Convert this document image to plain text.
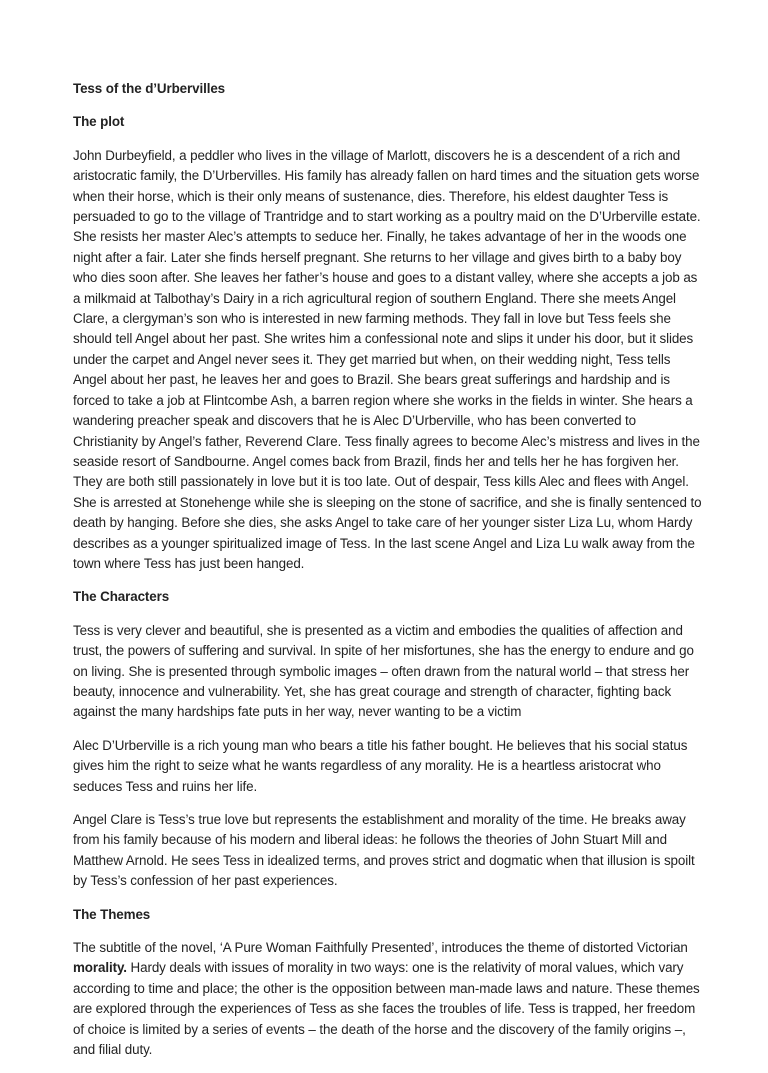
Tess of the d’Urbervilles
The plot

John Durbeyfield, a peddler who lives in the village of Marlott, discovers he is a descendent of a rich and aristocratic family, the D’Urbervilles. His family has already fallen on hard times and the situation gets worse when their horse, which is their only means of sustenance, dies. Therefore, his eldest daughter Tess is persuaded to go to the village of Trantridge and to start working as a poultry maid on the D’Urberville estate. She resists her master Alec’s attempts to seduce her. Finally, he takes advantage of her in the woods one night after a fair. Later she finds herself pregnant. She returns to her village and gives birth to a baby boy who dies soon after. She leaves her father’s house and goes to a distant valley, where she accepts a job as a milkmaid at Talbothay’s Dairy in a rich agricultural region of southern England. There she meets Angel Clare, a clergyman’s son who is interested in new farming methods. They fall in love but Tess feels she should tell Angel about her past. She writes him a confessional note and slips it under his door, but it slides under the carpet and Angel never sees it. They get married but when, on their wedding night, Tess tells Angel about her past, he leaves her and goes to Brazil. She bears great sufferings and hardship and is forced to take a job at Flintcombe Ash, a barren region where she works in the fields in winter. She hears a wandering preacher speak and discovers that he is Alec D’Urberville, who has been converted to Christianity by Angel’s father, Reverend Clare. Tess finally agrees to become Alec’s mistress and lives in the seaside resort of Sandbourne. Angel comes back from Brazil, finds her and tells her he has forgiven her. They are both still passionately in love but it is too late. Out of despair, Tess kills Alec and flees with Angel. She is arrested at Stonehenge while she is sleeping on the stone of sacrifice, and she is finally sentenced to death by hanging. Before she dies, she asks Angel to take care of her younger sister Liza Lu, whom Hardy describes as a younger spiritualized image of Tess. In the last scene Angel and Liza Lu walk away from the town where Tess has just been hanged.

The Characters

Tess is very clever and beautiful, she is presented as a victim and embodies the qualities of affection and trust, the powers of suffering and survival. In spite of her misfortunes, she has the energy to endure and go on living. She is presented through symbolic images – often drawn from the natural world – that stress her beauty, innocence and vulnerability. Yet, she has great courage and strength of character, fighting back against the many hardships fate puts in her way, never wanting to be a victim

Alec D’Urberville is a rich young man who bears a title his father bought. He believes that his social status gives him the right to seize what he wants regardless of any morality. He is a heartless aristocrat who seduces Tess and ruins her life.

Angel Clare is Tess’s true love but represents the establishment and morality of the time. He breaks away from his family because of his modern and liberal ideas: he follows the theories of John Stuart Mill and Matthew Arnold. He sees Tess in idealized terms, and proves strict and dogmatic when that illusion is spoilt by Tess’s confession of her past experiences.

The Themes

The subtitle of the novel, ‘A Pure Woman Faithfully Presented’, introduces the theme of distorted Victorian morality. Hardy deals with issues of morality in two ways: one is the relativity of moral values, which vary according to time and place; the other is the opposition between man-made laws and nature. These themes are explored through the experiences of Tess as she faces the troubles of life. Tess is trapped, her freedom of choice is limited by a series of events – the death of the horse and the discovery of the family origins –, and filial duty.
